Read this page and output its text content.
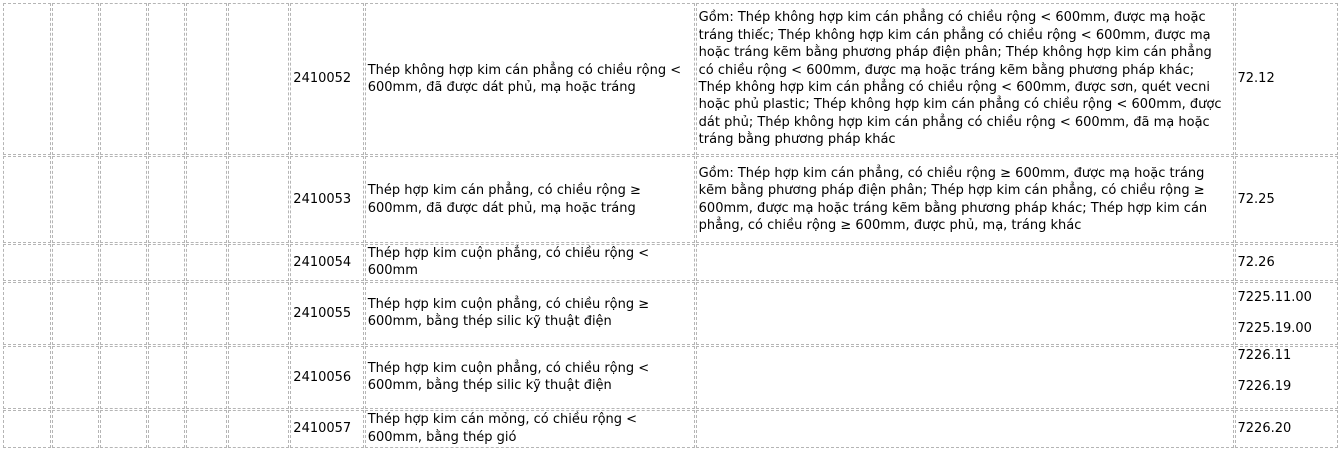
						2410052	Thép không hợp kim cán phẳng có chiều rộng < 600mm, đã được dát phủ, mạ hoặc tráng	Gồm: Thép không hợp kim cán phẳng có chiều rộng < 600mm, được mạ hoặc tráng thiếc; Thép không hợp kim cán phẳng có chiều rộng < 600mm, được mạ hoặc tráng kẽm bằng phương pháp điện phân; Thép không hợp kim cán phẳng có chiều rộng < 600mm, được mạ hoặc tráng kẽm bằng phương pháp khác; Thép không hợp kim cán phẳng có chiều rộng < 600mm, được sơn, quét vecni hoặc phủ plastic; Thép không hợp kim cán phẳng có chiều rộng < 600mm, được dát phủ; Thép không hợp kim cán phẳng có chiều rộng < 600mm, đã mạ hoặc tráng bằng phương pháp khác	72.12

						2410053	Thép hợp kim cán phẳng, có chiều rộng ≥ 600mm, đã được dát phủ, mạ hoặc tráng	Gồm: Thép hợp kim cán phẳng, có chiều rộng ≥ 600mm, được mạ hoặc tráng kẽm bằng phương pháp điện phân; Thép hợp kim cán phẳng, có chiều rộng ≥ 600mm, được mạ hoặc tráng kẽm bằng phương pháp khác; Thép hợp kim cán phẳng, có chiều rộng ≥ 600mm, được phủ, mạ, tráng khác	72.25

						2410054	Thép hợp kim cuộn phẳng, có chiều rộng < 600mm		72.26

						2410055	Thép hợp kim cuộn phẳng, có chiều rộng ≥ 600mm, bằng thép silic kỹ thuật điện		7225.11.00
7225.19.00

						2410056	Thép hợp kim cuộn phẳng, có chiều rộng < 600mm, bằng thép silic kỹ thuật điện		7226.11
7226.19

						2410057	Thép hợp kim cán mỏng, có chiều rộng < 600mm, bằng thép gió		7226.20
